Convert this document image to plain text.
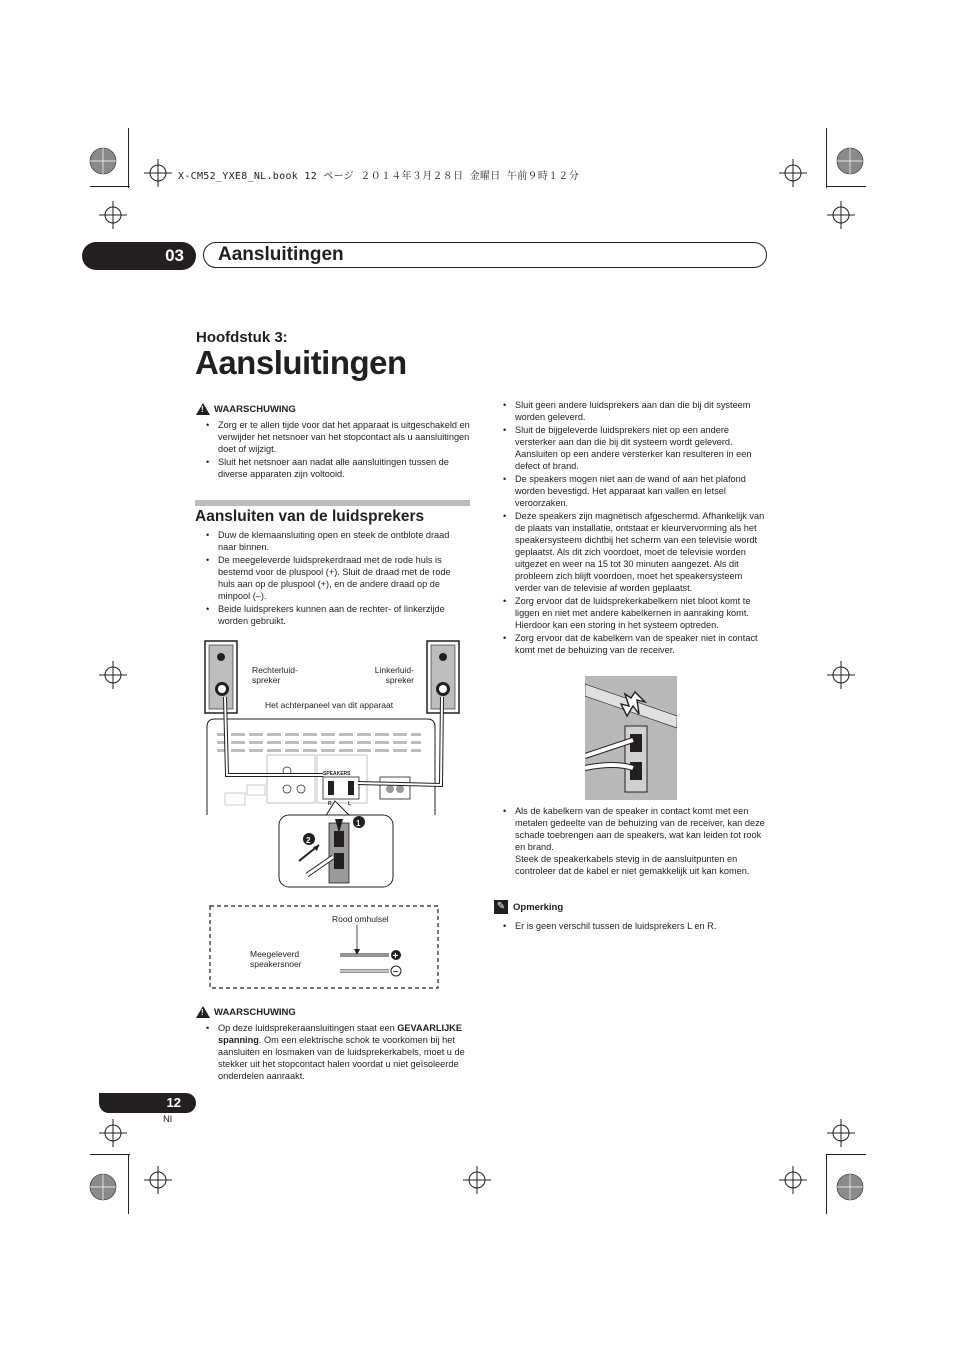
X-CM52_YXE8_NL.book 12 ページ ２０１４年３月２８日 金曜日 午前９時１２分
03	Aansluitingen
Hoofdstuk 3:
Aansluitingen
! WAARSCHUWING
• Zorg er te allen tijde voor dat het apparaat is uitgeschakeld en verwijder het netsnoer van het stopcontact als u aansluitingen doet of wijzigt.
• Sluit het netsnoer aan nadat alle aansluitingen tussen de diverse apparaten zijn voltooid.
Aansluiten van de luidsprekers
• Duw de klemaansluiting open en steek de ontblote draad naar binnen.
• De meegeleverde luidsprekerdraad met de rode huls is bestemd voor de pluspool (+). Sluit de draad met de rode huls aan op de pluspool (+), en de andere draad op de minpool (–).
• Beide luidsprekers kunnen aan de rechter- of linkerzijde worden gebruikt.
SPEAKERS
R	L
1
2
+
–
Rechterluid-
spreker
Linkerluid-
spreker
Het achterpaneel van dit apparaat
Rood omhulsel
Meegeleverd
speakersnoer
! WAARSCHUWING
• Op deze luidsprekeraansluitingen staat een GEVAARLIJKE spanning. Om een elektrische schok te voorkomen bij het aansluiten en losmaken van de luidsprekerkabels, moet u de stekker uit het stopcontact halen voordat u niet geïsoleerde onderdelen aanraakt.
• Sluit geen andere luidsprekers aan dan die bij dit systeem worden geleverd.
• Sluit de bijgeleverde luidsprekers niet op een andere versterker aan dan die bij dit systeem wordt geleverd. Aansluiten op een andere versterker kan resulteren in een defect of brand.
• De speakers mogen niet aan de wand of aan het plafond worden bevestigd. Het apparaat kan vallen en letsel veroorzaken.
• Deze speakers zijn magnetisch afgeschermd. Afhankelijk van de plaats van installatie, ontstaat er kleurvervorming als het speakersysteem dichtbij het scherm van een televisie wordt geplaatst. Als dit zich voordoet, moet de televisie worden uitgezet en weer na 15 tot 30 minuten aangezet. Als dit probleem zich blijft voordoen, moet het speakersysteem verder van de televisie af worden geplaatst.
• Zorg ervoor dat de luidsprekerkabelkern niet bloot komt te liggen en niet met andere kabelkernen in aanraking komt. Hierdoor kan een storing in het systeem optreden.
• Zorg ervoor dat de kabelkern van de speaker niet in contact komt met de behuizing van de receiver.
• Als de kabelkern van de speaker in contact komt met een metalen gedeelte van de behuizing van de receiver, kan deze schade toebrengen aan de speakers, wat kan leiden tot rook en brand.
Steek de speakerkabels stevig in de aansluitpunten en controleer dat de kabel er niet gemakkelijk uit kan komen.
✎ Opmerking
• Er is geen verschil tussen de luidsprekers L en R.
12
Nl
